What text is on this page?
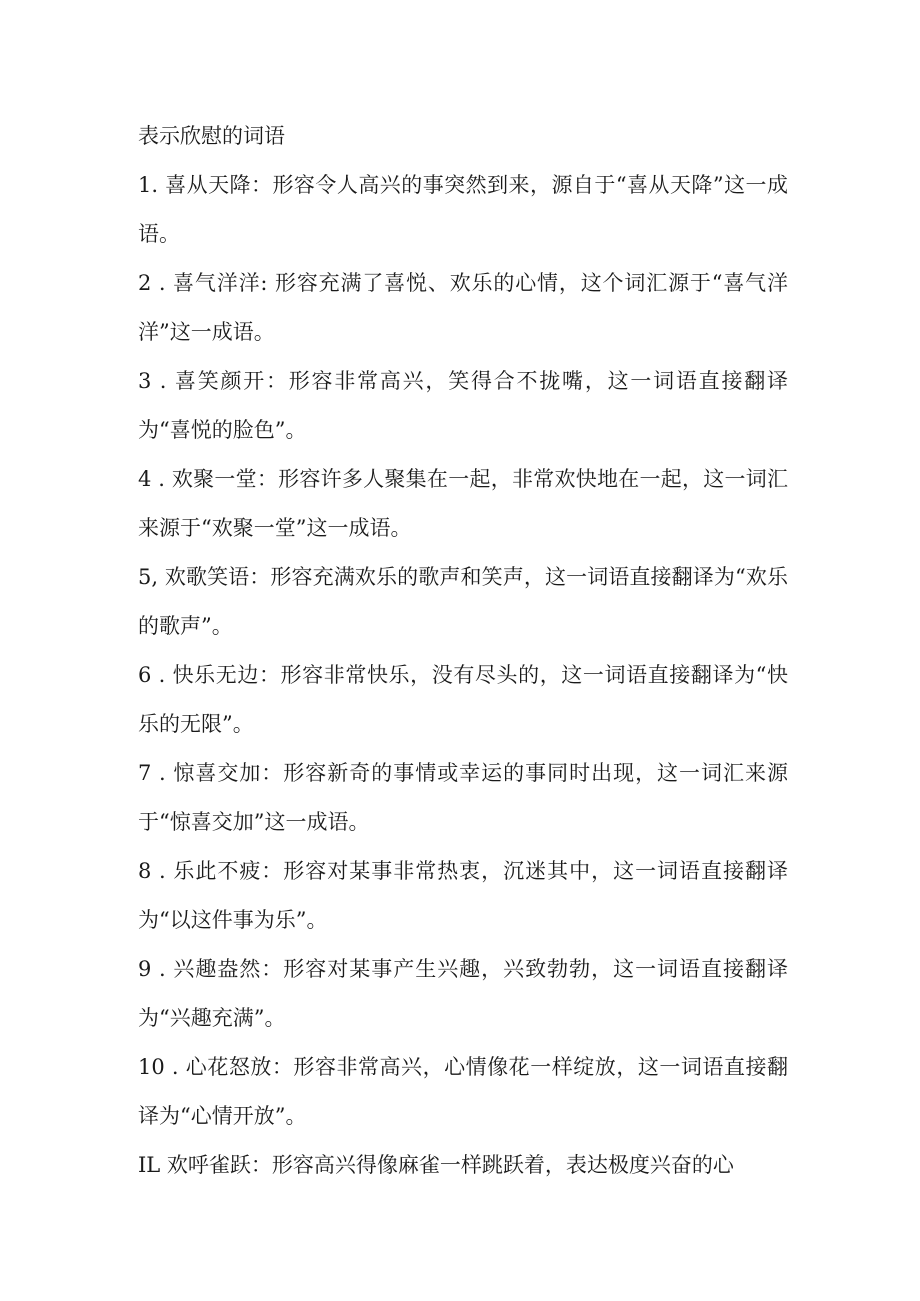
表示欣慰的词语

1. 喜从天降：形容令人高兴的事突然到来，源自于“喜从天降”这一成语。

2 . 喜气洋洋: 形容充满了喜悦、欢乐的心情，这个词汇源于“喜气洋洋”这一成语。

3 . 喜笑颜开：形容非常高兴，笑得合不拢嘴，这一词语直接翻译为“喜悦的脸色”。

4 . 欢聚一堂：形容许多人聚集在一起，非常欢快地在一起，这一词汇来源于“欢聚一堂”这一成语。

5, 欢歌笑语：形容充满欢乐的歌声和笑声，这一词语直接翻译为“欢乐的歌声”。

6 . 快乐无边：形容非常快乐，没有尽头的，这一词语直接翻译为“快乐的无限”。

7 . 惊喜交加：形容新奇的事情或幸运的事同时出现，这一词汇来源于“惊喜交加”这一成语。

8 . 乐此不疲：形容对某事非常热衷，沉迷其中，这一词语直接翻译为“以这件事为乐”。

9 . 兴趣盎然：形容对某事产生兴趣，兴致勃勃，这一词语直接翻译为“兴趣充满”。

10 . 心花怒放：形容非常高兴，心情像花一样绽放，这一词语直接翻译为“心情开放”。

IL 欢呼雀跃：形容高兴得像麻雀一样跳跃着，表达极度兴奋的心
